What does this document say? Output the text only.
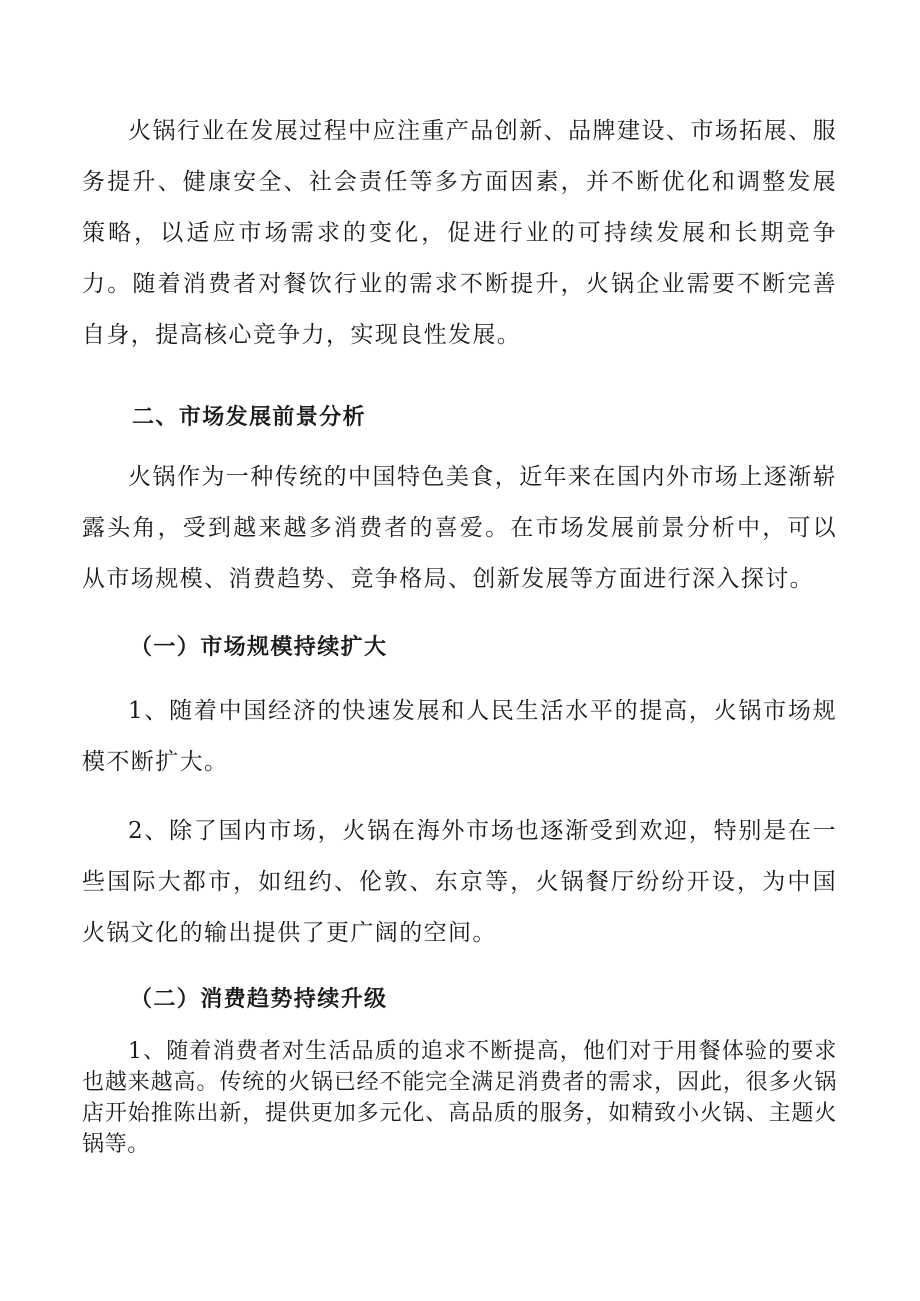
火锅行业在发展过程中应注重产品创新、品牌建设、市场拓展、服务提升、健康安全、社会责任等多方面因素，并不断优化和调整发展策略，以适应市场需求的变化，促进行业的可持续发展和长期竞争力。随着消费者对餐饮行业的需求不断提升，火锅企业需要不断完善自身，提高核心竞争力，实现良性发展。

二、市场发展前景分析

火锅作为一种传统的中国特色美食，近年来在国内外市场上逐渐崭露头角，受到越来越多消费者的喜爱。在市场发展前景分析中，可以从市场规模、消费趋势、竞争格局、创新发展等方面进行深入探讨。

（一）市场规模持续扩大

1、随着中国经济的快速发展和人民生活水平的提高，火锅市场规模不断扩大。

2、除了国内市场，火锅在海外市场也逐渐受到欢迎，特别是在一些国际大都市，如纽约、伦敦、东京等，火锅餐厅纷纷开设，为中国火锅文化的输出提供了更广阔的空间。

（二）消费趋势持续升级

1、随着消费者对生活品质的追求不断提高，他们对于用餐体验的要求也越来越高。传统的火锅已经不能完全满足消费者的需求，因此，很多火锅店开始推陈出新，提供更加多元化、高品质的服务，如精致小火锅、主题火锅等。
